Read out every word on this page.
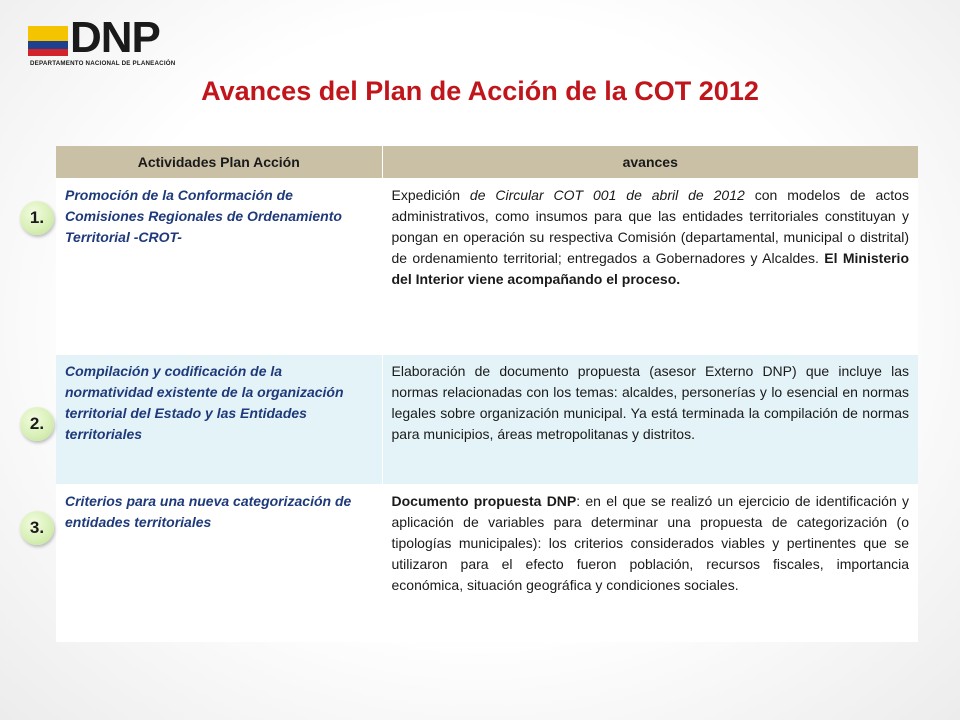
DNP
DEPARTAMENTO NACIONAL DE PLANEACIÓN
Avances del Plan de Acción de la COT 2012
Actividades Plan Acción	avances
Promoción de la Conformación de Comisiones Regionales de Ordenamiento Territorial -CROT-	Expedición de Circular COT 001 de abril de 2012 con modelos de actos administrativos, como insumos para que las entidades territoriales constituyan y pongan en operación su respectiva Comisión (departamental, municipal o distrital) de ordenamiento territorial; entregados a Gobernadores y Alcaldes. El Ministerio del Interior viene acompañando el proceso.
Compilación y codificación de la normatividad existente de la organización territorial del Estado y las Entidades territoriales	Elaboración de documento propuesta (asesor Externo DNP) que incluye las normas relacionadas con los temas: alcaldes, personerías y lo esencial en normas legales sobre organización municipal. Ya está terminada la compilación de normas para municipios, áreas metropolitanas y distritos.
Criterios para una nueva categorización de entidades territoriales	Documento propuesta DNP: en el que se realizó un ejercicio de identificación y aplicación de variables para determinar una propuesta de categorización (o tipologías municipales): los criterios considerados viables y pertinentes que se utilizaron para el efecto fueron población, recursos fiscales, importancia económica, situación geográfica y condiciones sociales.
1.
2.
3.
